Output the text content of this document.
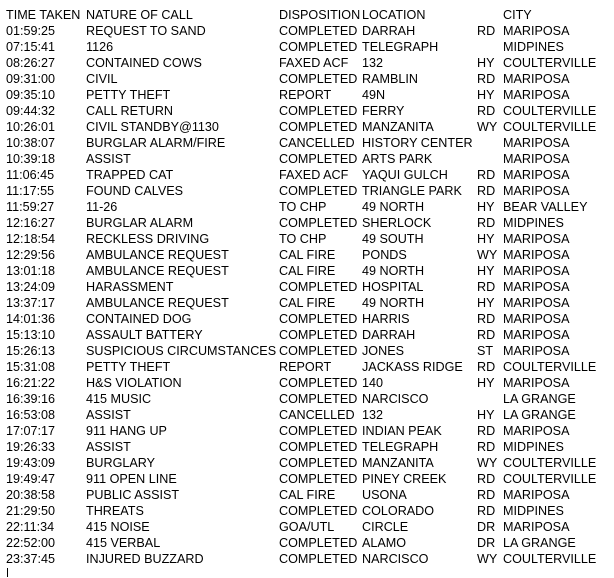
TIME TAKEN	NATURE OF CALL	DISPOSITION	LOCATION		CITY
01:59:25	REQUEST TO SAND	COMPLETED	DARRAH	RD	MARIPOSA
07:15:41	1126	COMPLETED	TELEGRAPH		MIDPINES
08:26:27	CONTAINED COWS	FAXED ACF	132	HY	COULTERVILLE
09:31:00	CIVIL	COMPLETED	RAMBLIN	RD	MARIPOSA
09:35:10	PETTY THEFT	REPORT	49N	HY	MARIPOSA
09:44:32	CALL RETURN	COMPLETED	FERRY	RD	COULTERVILLE
10:26:01	CIVIL STANDBY@1130	COMPLETED	MANZANITA	WY	COULTERVILLE
10:38:07	BURGLAR ALARM/FIRE	CANCELLED	HISTORY CENTER		MARIPOSA
10:39:18	ASSIST	COMPLETED	ARTS PARK		MARIPOSA
11:06:45	TRAPPED CAT	FAXED ACF	YAQUI GULCH	RD	MARIPOSA
11:17:55	FOUND CALVES	COMPLETED	TRIANGLE PARK	RD	MARIPOSA
11:59:27	11-26	TO CHP	49 NORTH	HY	BEAR VALLEY
12:16:27	BURGLAR ALARM	COMPLETED	SHERLOCK	RD	MIDPINES
12:18:54	RECKLESS DRIVING	TO CHP	49 SOUTH	HY	MARIPOSA
12:29:56	AMBULANCE REQUEST	CAL FIRE	PONDS	WY	MARIPOSA
13:01:18	AMBULANCE REQUEST	CAL FIRE	49 NORTH	HY	MARIPOSA
13:24:09	HARASSMENT	COMPLETED	HOSPITAL	RD	MARIPOSA
13:37:17	AMBULANCE REQUEST	CAL FIRE	49 NORTH	HY	MARIPOSA
14:01:36	CONTAINED DOG	COMPLETED	HARRIS	RD	MARIPOSA
15:13:10	ASSAULT BATTERY	COMPLETED	DARRAH	RD	MARIPOSA
15:26:13	SUSPICIOUS CIRCUMSTANCES	COMPLETED	JONES	ST	MARIPOSA
15:31:08	PETTY THEFT	REPORT	JACKASS RIDGE	RD	COULTERVILLE
16:21:22	H&S VIOLATION	COMPLETED	140	HY	MARIPOSA
16:39:16	415 MUSIC	COMPLETED	NARCISCO		LA GRANGE
16:53:08	ASSIST	CANCELLED	132	HY	LA GRANGE
17:07:17	911 HANG UP	COMPLETED	INDIAN PEAK	RD	MARIPOSA
19:26:33	ASSIST	COMPLETED	TELEGRAPH	RD	MIDPINES
19:43:09	BURGLARY	COMPLETED	MANZANITA	WY	COULTERVILLE
19:49:47	911 OPEN LINE	COMPLETED	PINEY CREEK	RD	COULTERVILLE
20:38:58	PUBLIC ASSIST	CAL FIRE	USONA	RD	MARIPOSA
21:29:50	THREATS	COMPLETED	COLORADO	RD	MIDPINES
22:11:34	415 NOISE	GOA/UTL	CIRCLE	DR	MARIPOSA
22:52:00	415 VERBAL	COMPLETED	ALAMO	DR	LA GRANGE
23:37:45	INJURED BUZZARD	COMPLETED	NARCISCO	WY	COULTERVILLE
